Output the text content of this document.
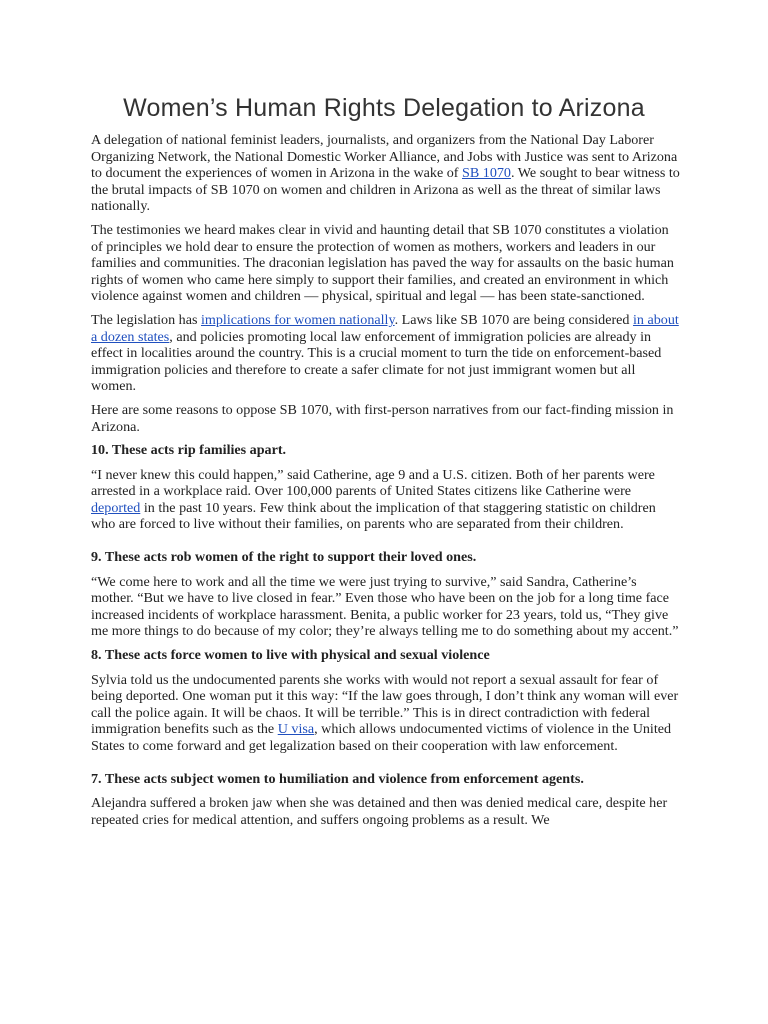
Women’s Human Rights Delegation to Arizona

A delegation of national feminist leaders, journalists, and organizers from the National Day Laborer Organizing Network, the National Domestic Worker Alliance, and Jobs with Justice was sent to Arizona to document the experiences of women in Arizona in the wake of SB 1070. We sought to bear witness to the brutal impacts of SB 1070 on women and children in Arizona as well as the threat of similar laws nationally.

The testimonies we heard makes clear in vivid and haunting detail that SB 1070 constitutes a violation of principles we hold dear to ensure the protection of women as mothers, workers and leaders in our families and communities. The draconian legislation has paved the way for assaults on the basic human rights of women who came here simply to support their families, and created an environment in which violence against women and children — physical, spiritual and legal — has been state-sanctioned.

The legislation has implications for women nationally. Laws like SB 1070 are being considered in about a dozen states, and policies promoting local law enforcement of immigration policies are already in effect in localities around the country. This is a crucial moment to turn the tide on enforcement-based immigration policies and therefore to create a safer climate for not just immigrant women but all women.

Here are some reasons to oppose SB 1070, with first-person narratives from our fact-finding mission in Arizona.

10. These acts rip families apart.

“I never knew this could happen,” said Catherine, age 9 and a U.S. citizen. Both of her parents were arrested in a workplace raid. Over 100,000 parents of United States citizens like Catherine were deported in the past 10 years. Few think about the implication of that staggering statistic on children who are forced to live without their families, on parents who are separated from their children.

9. These acts rob women of the right to support their loved ones.

“We come here to work and all the time we were just trying to survive,” said Sandra, Catherine’s mother. “But we have to live closed in fear.” Even those who have been on the job for a long time face increased incidents of workplace harassment. Benita, a public worker for 23 years, told us, “They give me more things to do because of my color; they’re always telling me to do something about my accent.”

8. These acts force women to live with physical and sexual violence

Sylvia told us the undocumented parents she works with would not report a sexual assault for fear of being deported. One woman put it this way: “If the law goes through, I don’t think any woman will ever call the police again. It will be chaos. It will be terrible.” This is in direct contradiction with federal immigration benefits such as the U visa, which allows undocumented victims of violence in the United States to come forward and get legalization based on their cooperation with law enforcement.

7. These acts subject women to humiliation and violence from enforcement agents.

Alejandra suffered a broken jaw when she was detained and then was denied medical care, despite her repeated cries for medical attention, and suffers ongoing problems as a result. We
